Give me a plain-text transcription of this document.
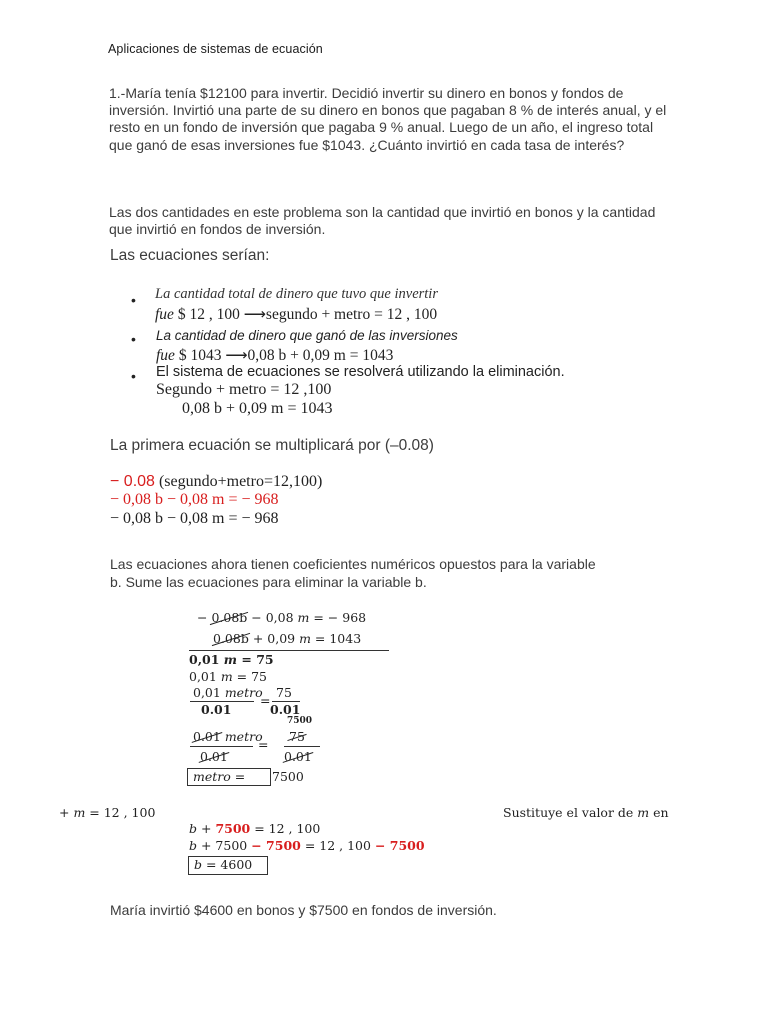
Aplicaciones de sistemas de ecuación
1.-María tenía $12100 para invertir. Decidió invertir su dinero en bonos y fondos de inversión. Invirtió una parte de su dinero en bonos que pagaban 8 % de interés anual, y el resto en un fondo de inversión que pagaba 9 % anual. Luego de un año, el ingreso total que ganó de esas inversiones fue $1043. ¿Cuánto invirtió en cada tasa de interés?
Las dos cantidades en este problema son la cantidad que invirtió en bonos y la cantidad que invirtió en fondos de inversión.
Las ecuaciones serían:
• La cantidad total de dinero que tuvo que invertir
fue $ 12 , 100 ⟶segundo + metro = 12 , 100
• La cantidad de dinero que ganó de las inversiones
fue $ 1043 ⟶0,08 b + 0,09 m = 1043
• El sistema de ecuaciones se resolverá utilizando la eliminación.
Segundo + metro = 12 ,100
0,08 b + 0,09 m = 1043
La primera ecuación se multiplicará por (–0.08)
− 0.08 (segundo+metro=12,100)
− 0,08 b − 0,08 m = − 968
− 0,08 b − 0,08 m = − 968
Las ecuaciones ahora tienen coeficientes numéricos opuestos para la variable
b. Sume las ecuaciones para eliminar la variable b.
− 0.08b − 0,08 m = − 968
0.08b + 0,09 m = 1043
0,01 m = 75
0,01 m = 75
0,01 metro
0.01
=
75
0.01
7500
0.01 metro
0.01
=
75
0.01
metro = 7500
+ m = 12 , 100	Sustituye el valor de m en
b + 7500 = 12 , 100
b + 7500 − 7500 = 12 , 100 − 7500
b = 4600
María invirtió $4600 en bonos y $7500 en fondos de inversión.
